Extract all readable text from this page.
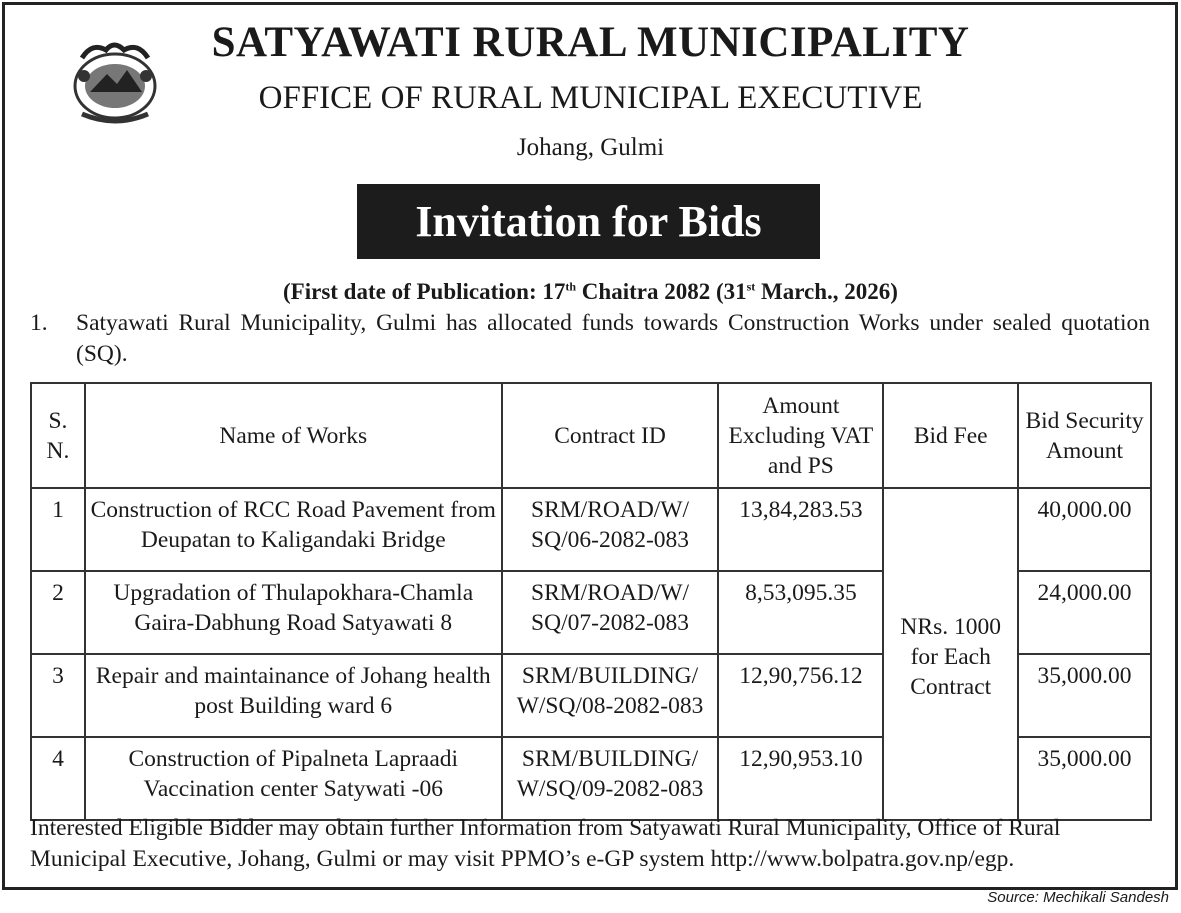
SATYAWATI RURAL MUNICIPALITY
OFFICE OF RURAL MUNICIPAL EXECUTIVE
Johang, Gulmi
Invitation for Bids
(First date of Publication: 17th Chaitra 2082 (31st March., 2026)
1. Satyawati Rural Municipality, Gulmi has allocated funds towards Construction Works under sealed quotation (SQ).
S. N.	Name of Works	Contract ID	Amount Excluding VAT and PS	Bid Fee	Bid Security Amount
1	Construction of RCC Road Pavement from Deupatan to Kaligandaki Bridge	SRM/ROAD/W/ SQ/06-2082-083	13,84,283.53	NRs. 1000 for Each Contract	40,000.00
2	Upgradation of Thulapokhara-Chamla Gaira-Dabhung Road Satyawati 8	SRM/ROAD/W/ SQ/07-2082-083	8,53,095.35		24,000.00
3	Repair and maintainance of Johang health post Building ward 6	SRM/BUILDING/ W/SQ/08-2082-083	12,90,756.12		35,000.00
4	Construction of Pipalneta Lapraadi Vaccination center Satywati -06	SRM/BUILDING/ W/SQ/09-2082-083	12,90,953.10		35,000.00
Interested Eligible Bidder may obtain further Information from Satyawati Rural Municipality, Office of Rural Municipal Executive, Johang, Gulmi or may visit PPMO’s e-GP system http://www.bolpatra.gov.np/egp.
Source: Mechikali Sandesh
